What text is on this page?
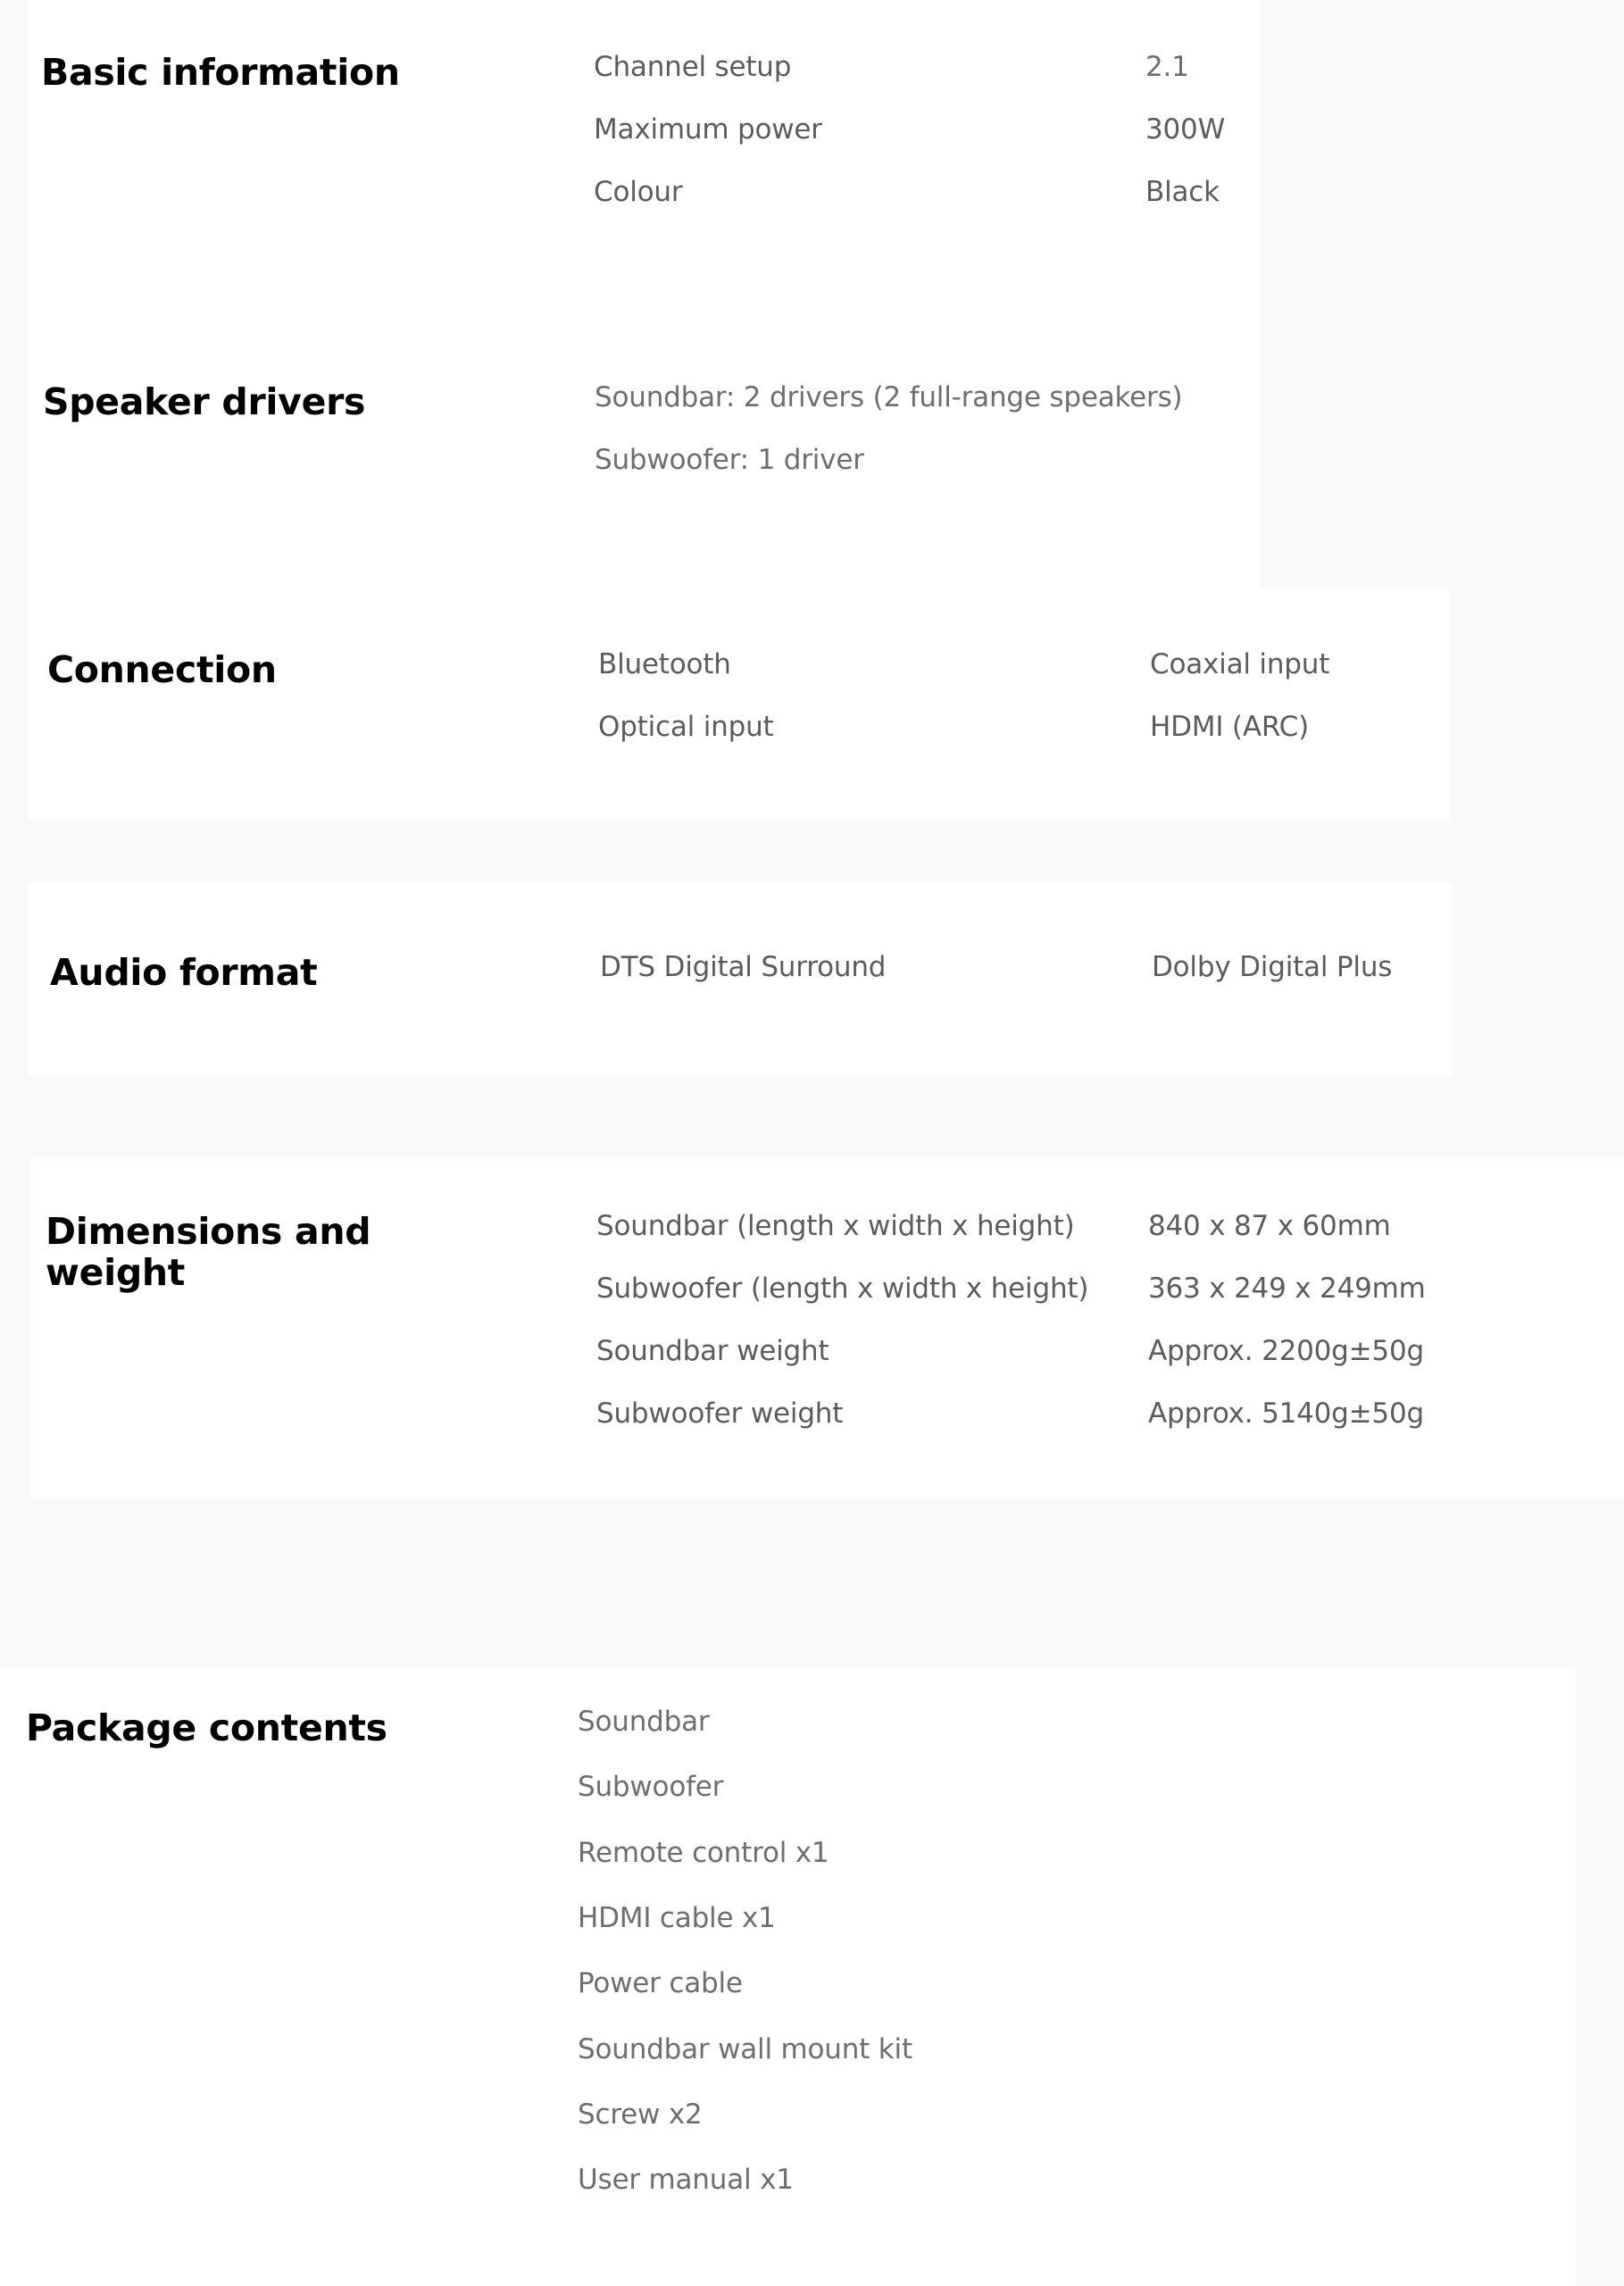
Basic information	Channel setup	2.1

Maximum power	300W

Colour	Black

Speaker drivers	Soundbar: 2 drivers (2 full-range speakers)

Subwoofer: 1 driver

Connection	Bluetooth	Coaxial input

Optical input	HDMI (ARC)

Audio format	DTS Digital Surround	Dolby Digital Plus

Dimensions and
weight

Soundbar (length x width x height)	840 x 87 x 60mm

Subwoofer (length x width x height) 363 x 249 x 249mm

Soundbar weight	Approx. 2200g±50g

Subwoofer weight	Approx. 5140g±50g

Package contents	Soundbar

Subwoofer

Remote control x1

HDMI cable x1

Power cable

Soundbar wall mount kit

Screw x2

User manual x1
